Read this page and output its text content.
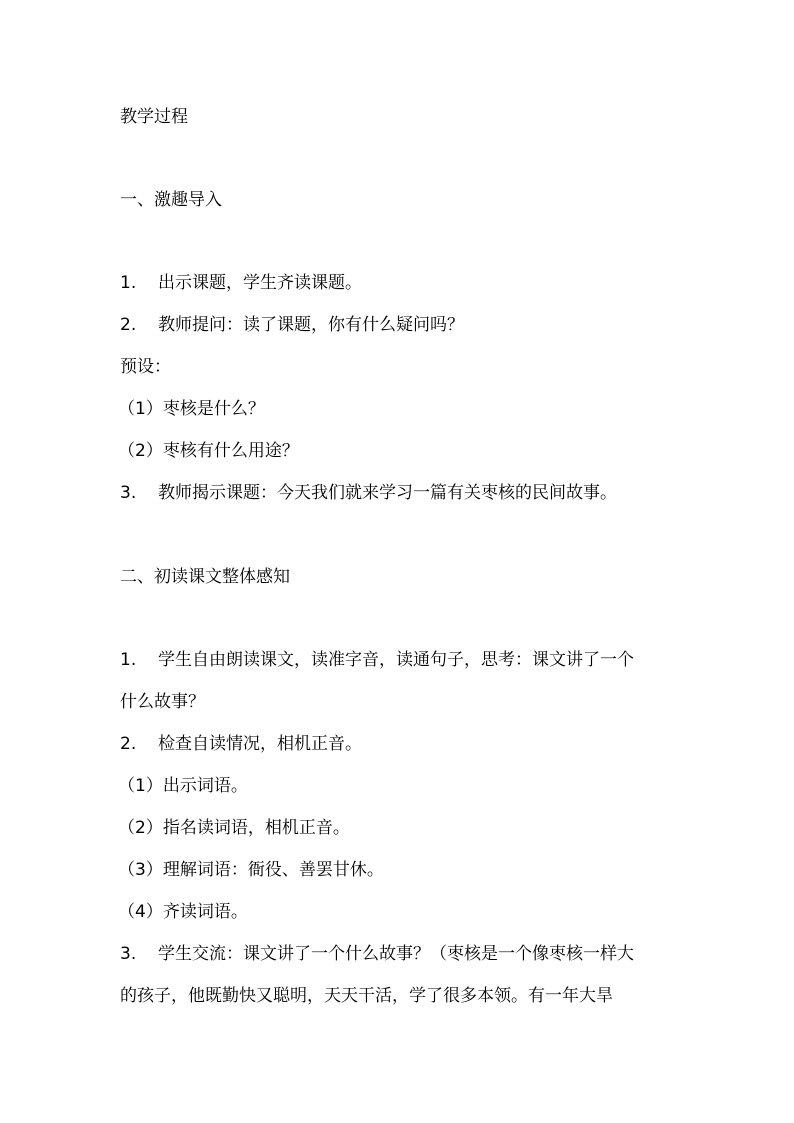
教学过程
一、激趣导入
1. 出示课题，学生齐读课题。
2. 教师提问：读了课题，你有什么疑问吗？
预设：
（1）枣核是什么？
（2）枣核有什么用途？
3. 教师揭示课题：今天我们就来学习一篇有关枣核的民间故事。
二、初读课文整体感知
1. 学生自由朗读课文，读准字音，读通句子，思考：课文讲了一个
什么故事？
2. 检查自读情况，相机正音。
（1）出示词语。
（2）指名读词语，相机正音。
（3）理解词语：衙役、善罢甘休。
（4）齐读词语。
3. 学生交流：课文讲了一个什么故事？（枣核是一个像枣核一样大
的孩子，他既勤快又聪明，天天干活，学了很多本领。有一年大旱
